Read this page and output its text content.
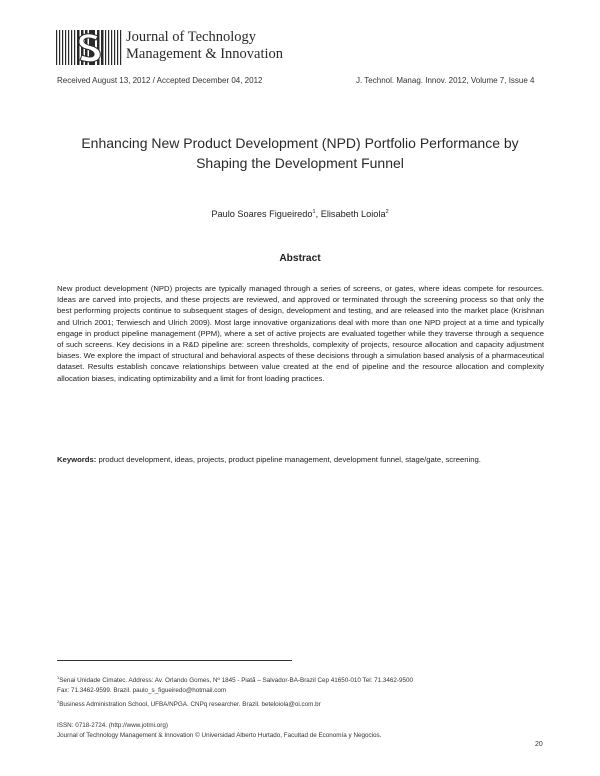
Journal of Technology
Management & Innovation
Received August 13, 2012 / Accepted December 04, 2012	J. Technol. Manag. Innov. 2012, Volume 7, Issue 4
Enhancing New Product Development (NPD) Portfolio Performance by
Shaping the Development Funnel
Paulo Soares Figueiredo$^1$, Elisabeth Loiola$^2$
Abstract

New product development (NPD) projects are typically managed through a series of screens, or gates, where ideas compete for resources. Ideas are carved into projects, and these projects are reviewed, and approved or terminated through the screening process so that only the best performing projects continue to subsequent stages of design, development and testing, and are released into the market place (Krishnan and Ulrich 2001; Terwiesch and Ulrich 2009). Most large innovative organizations deal with more than one NPD project at a time and typically engage in product pipeline management (PPM), where a set of active projects are evaluated together while they traverse through a sequence of such screens. Key decisions in a R&D pipeline are: screen thresholds, complexity of projects, resource allocation and capacity adjustment biases. We explore the impact of structural and behavioral aspects of these decisions through a simulation based analysis of a pharmaceutical dataset. Results establish concave relationships between value created at the end of pipeline and the resource allocation and complexity allocation biases, indicating optimizability and a limit for front loading practices.

Keywords: product development, ideas, projects, product pipeline management, development funnel, stage/gate, screening.

$^1$Senai Unidade Cimatec. Address: Av. Orlando Gomes, Nº 1845 - Piatã – Salvador-BA-Brazil Cep 41650-010 Tel: 71.3462-9500
Fax: 71.3462-9599. Brazil. paulo_s_figueiredo@hotmail.com
$^2$Business Administration School, UFBA/NPGA. CNPq researcher. Brazil. beteloiola@oi.com.br
ISSN: 0718-2724. (http://www.jotmi.org)
Journal of Technology Management & Innovation © Universidad Alberto Hurtado, Facultad de Economía y Negocios.
20
